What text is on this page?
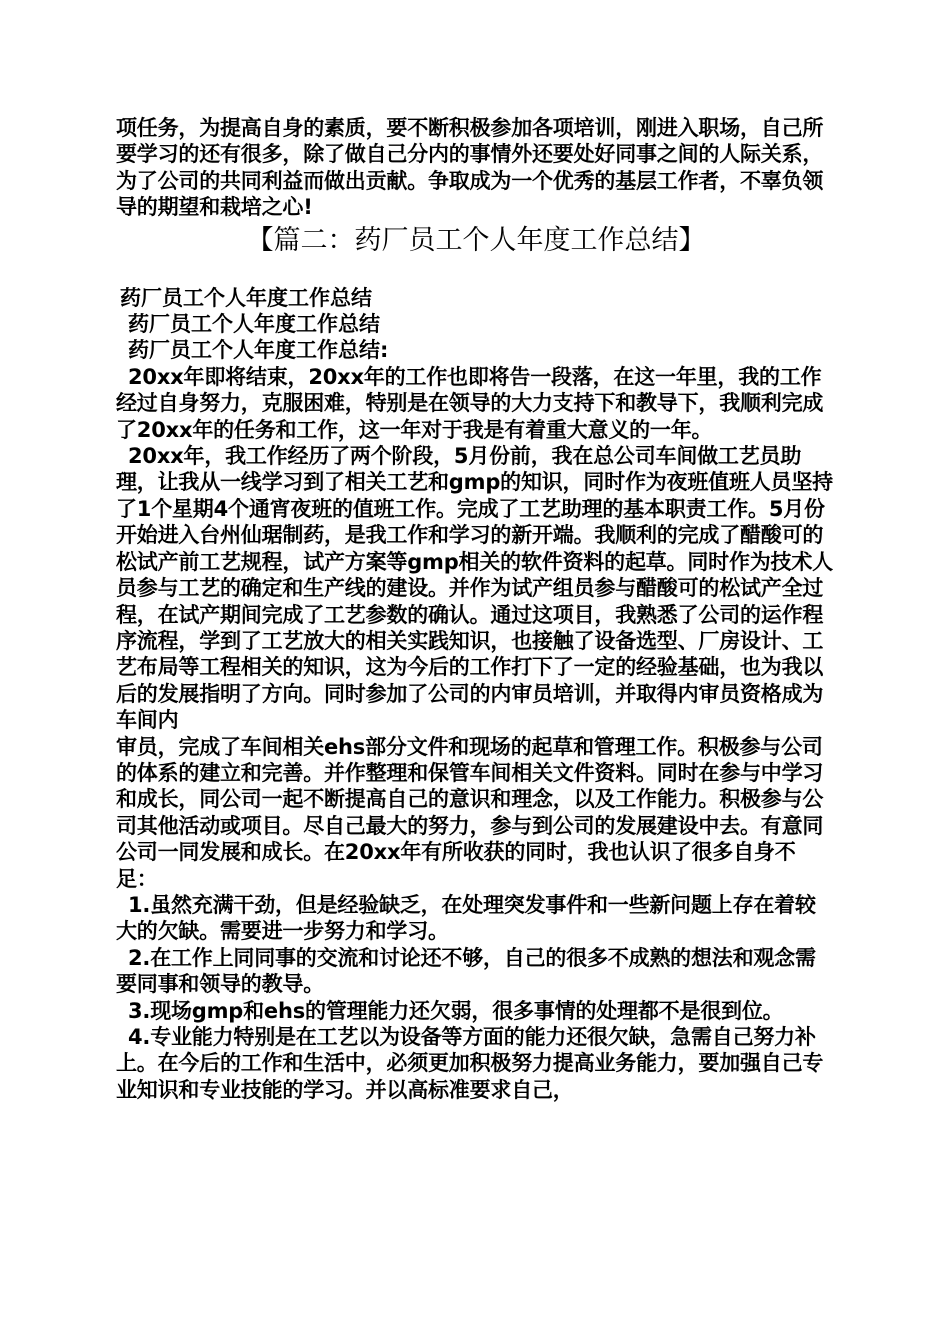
项任务，为提高自身的素质，要不断积极参加各项培训，刚进入职场，自己所要学习的还有很多，除了做自己分内的事情外还要处好同事之间的人际关系，为了公司的共同利益而做出贡献。争取成为一个优秀的基层工作者，不辜负领导的期望和栽培之心!

【篇二：药厂员工个人年度工作总结】

药厂员工个人年度工作总结

药厂员工个人年度工作总结

药厂员工个人年度工作总结:

20xx年即将结束，20xx年的工作也即将告一段落，在这一年里，我的工作经过自身努力，克服困难，特别是在领导的大力支持下和教导下，我顺利完成了20xx年的任务和工作，这一年对于我是有着重大意义的一年。

20xx年，我工作经历了两个阶段，5月份前，我在总公司车间做工艺员助理，让我从一线学习到了相关工艺和gmp的知识，同时作为夜班值班人员坚持了1个星期4个通宵夜班的值班工作。完成了工艺助理的基本职责工作。5月份开始进入台州仙琚制药，是我工作和学习的新开端。我顺利的完成了醋酸可的松试产前工艺规程，试产方案等gmp相关的软件资料的起草。同时作为技术人员参与工艺的确定和生产线的建设。并作为试产组员参与醋酸可的松试产全过程，在试产期间完成了工艺参数的确认。通过这项目，我熟悉了公司的运作程序流程，学到了工艺放大的相关实践知识，也接触了设备选型、厂房设计、工艺布局等工程相关的知识，这为今后的工作打下了一定的经验基础，也为我以后的发展指明了方向。同时参加了公司的内审员培训，并取得内审员资格成为车间内

审员，完成了车间相关ehs部分文件和现场的起草和管理工作。积极参与公司的体系的建立和完善。并作整理和保管车间相关文件资料。同时在参与中学习和成长，同公司一起不断提高自己的意识和理念，以及工作能力。积极参与公司其他活动或项目。尽自己最大的努力，参与到公司的发展建设中去。有意同公司一同发展和成长。在20xx年有所收获的同时，我也认识了很多自身不足：

1.虽然充满干劲，但是经验缺乏，在处理突发事件和一些新问题上存在着较大的欠缺。需要进一步努力和学习。

2.在工作上同同事的交流和讨论还不够，自己的很多不成熟的想法和观念需要同事和领导的教导。

3.现场gmp和ehs的管理能力还欠弱，很多事情的处理都不是很到位。

4.专业能力特别是在工艺以为设备等方面的能力还很欠缺，急需自己努力补上。在今后的工作和生活中，必须更加积极努力提高业务能力，要加强自己专业知识和专业技能的学习。并以高标准要求自己，
